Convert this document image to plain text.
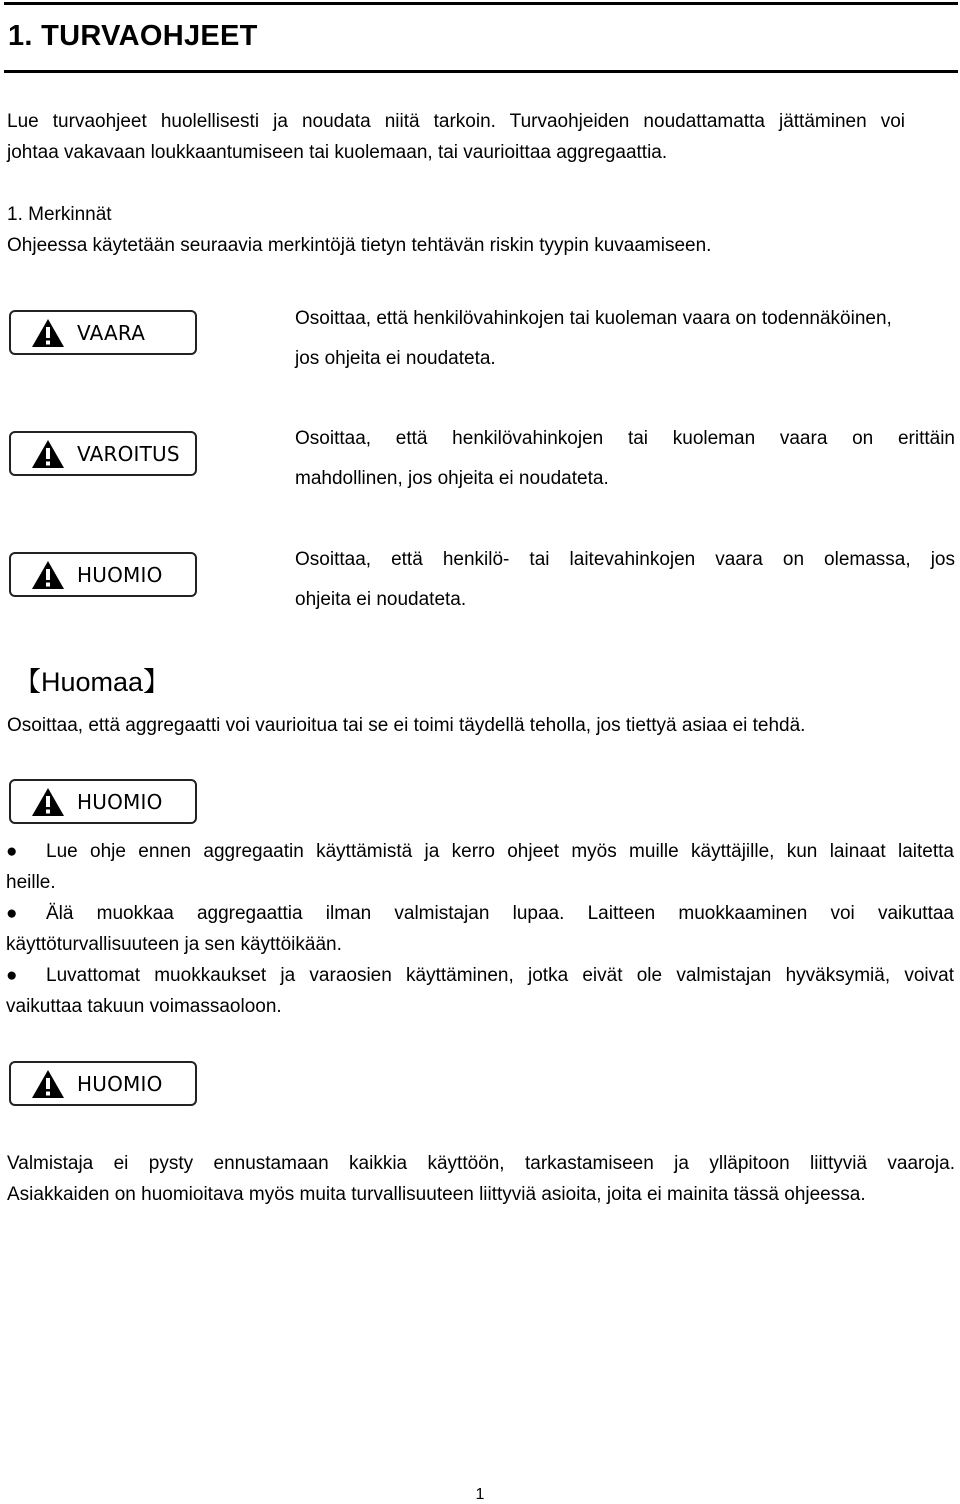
1. TURVAOHJEET
Lue turvaohjeet huolellisesti ja noudata niitä tarkoin. Turvaohjeiden noudattamatta jättäminen voi
johtaa vakavaan loukkaantumiseen tai kuolemaan, tai vaurioittaa aggregaattia.
1. Merkinnät
Ohjeessa käytetään seuraavia merkintöjä tietyn tehtävän riskin tyypin kuvaamiseen.
VAARA
Osoittaa, että henkilövahinkojen tai kuoleman vaara on todennäköinen,
jos ohjeita ei noudateta.
VAROITUS
Osoittaa, että henkilövahinkojen tai kuoleman vaara on erittäin
mahdollinen, jos ohjeita ei noudateta.
HUOMIO
Osoittaa, että henkilö- tai laitevahinkojen vaara on olemassa, jos
ohjeita ei noudateta.
【Huomaa】
Osoittaa, että aggregaatti voi vaurioitua tai se ei toimi täydellä teholla, jos tiettyä asiaa ei tehdä.
HUOMIO
● Lue ohje ennen aggregaatin käyttämistä ja kerro ohjeet myös muille käyttäjille, kun lainaat laitetta
heille.
● Älä muokkaa aggregaattia ilman valmistajan lupaa. Laitteen muokkaaminen voi vaikuttaa
käyttöturvallisuuteen ja sen käyttöikään.
● Luvattomat muokkaukset ja varaosien käyttäminen, jotka eivät ole valmistajan hyväksymiä, voivat
vaikuttaa takuun voimassaoloon.
HUOMIO
Valmistaja ei pysty ennustamaan kaikkia käyttöön, tarkastamiseen ja ylläpitoon liittyviä vaaroja.
Asiakkaiden on huomioitava myös muita turvallisuuteen liittyviä asioita, joita ei mainita tässä ohjeessa.
1
